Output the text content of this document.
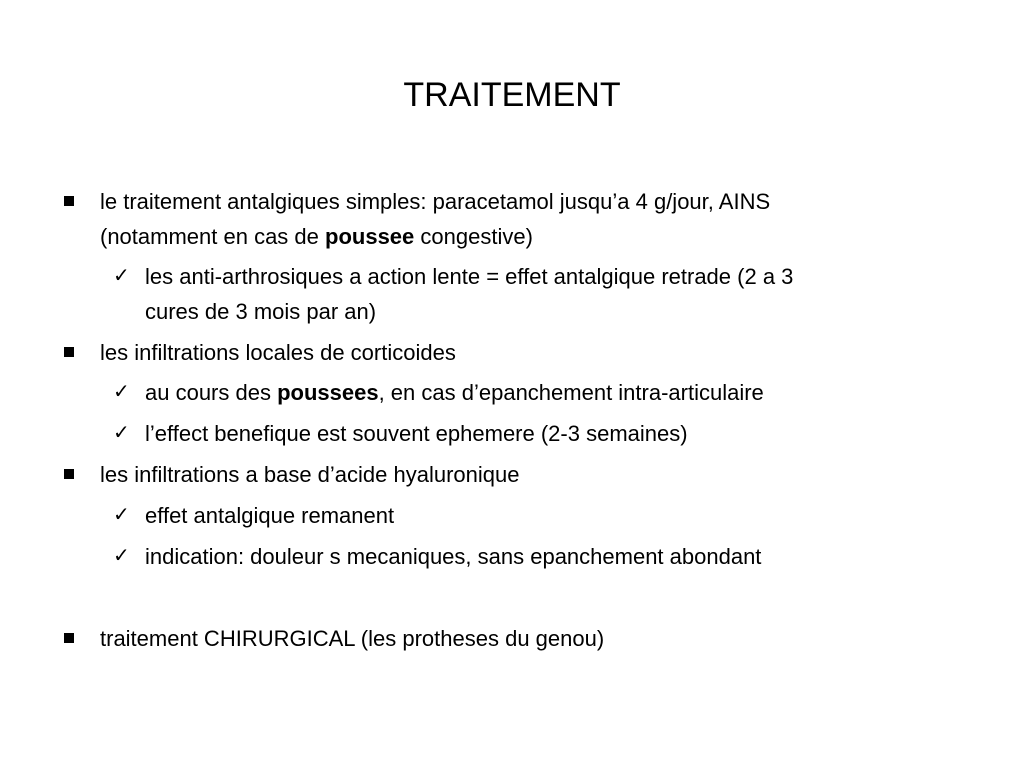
TRAITEMENT
le traitement antalgiques simples: paracetamol jusqu’a 4 g/jour, AINS
(notamment en cas de poussee congestive)
✓ les anti-arthrosiques a action lente = effet antalgique retrade (2 a 3
cures de 3 mois par an)
les infiltrations locales de corticoides
✓ au cours des poussees, en cas d’epanchement intra-articulaire
✓ l’effect benefique est souvent ephemere (2-3 semaines)
les infiltrations a base d’acide hyaluronique
✓ effet antalgique remanent
✓ indication: douleur s mecaniques, sans epanchement abondant
traitement CHIRURGICAL (les protheses du genou)
